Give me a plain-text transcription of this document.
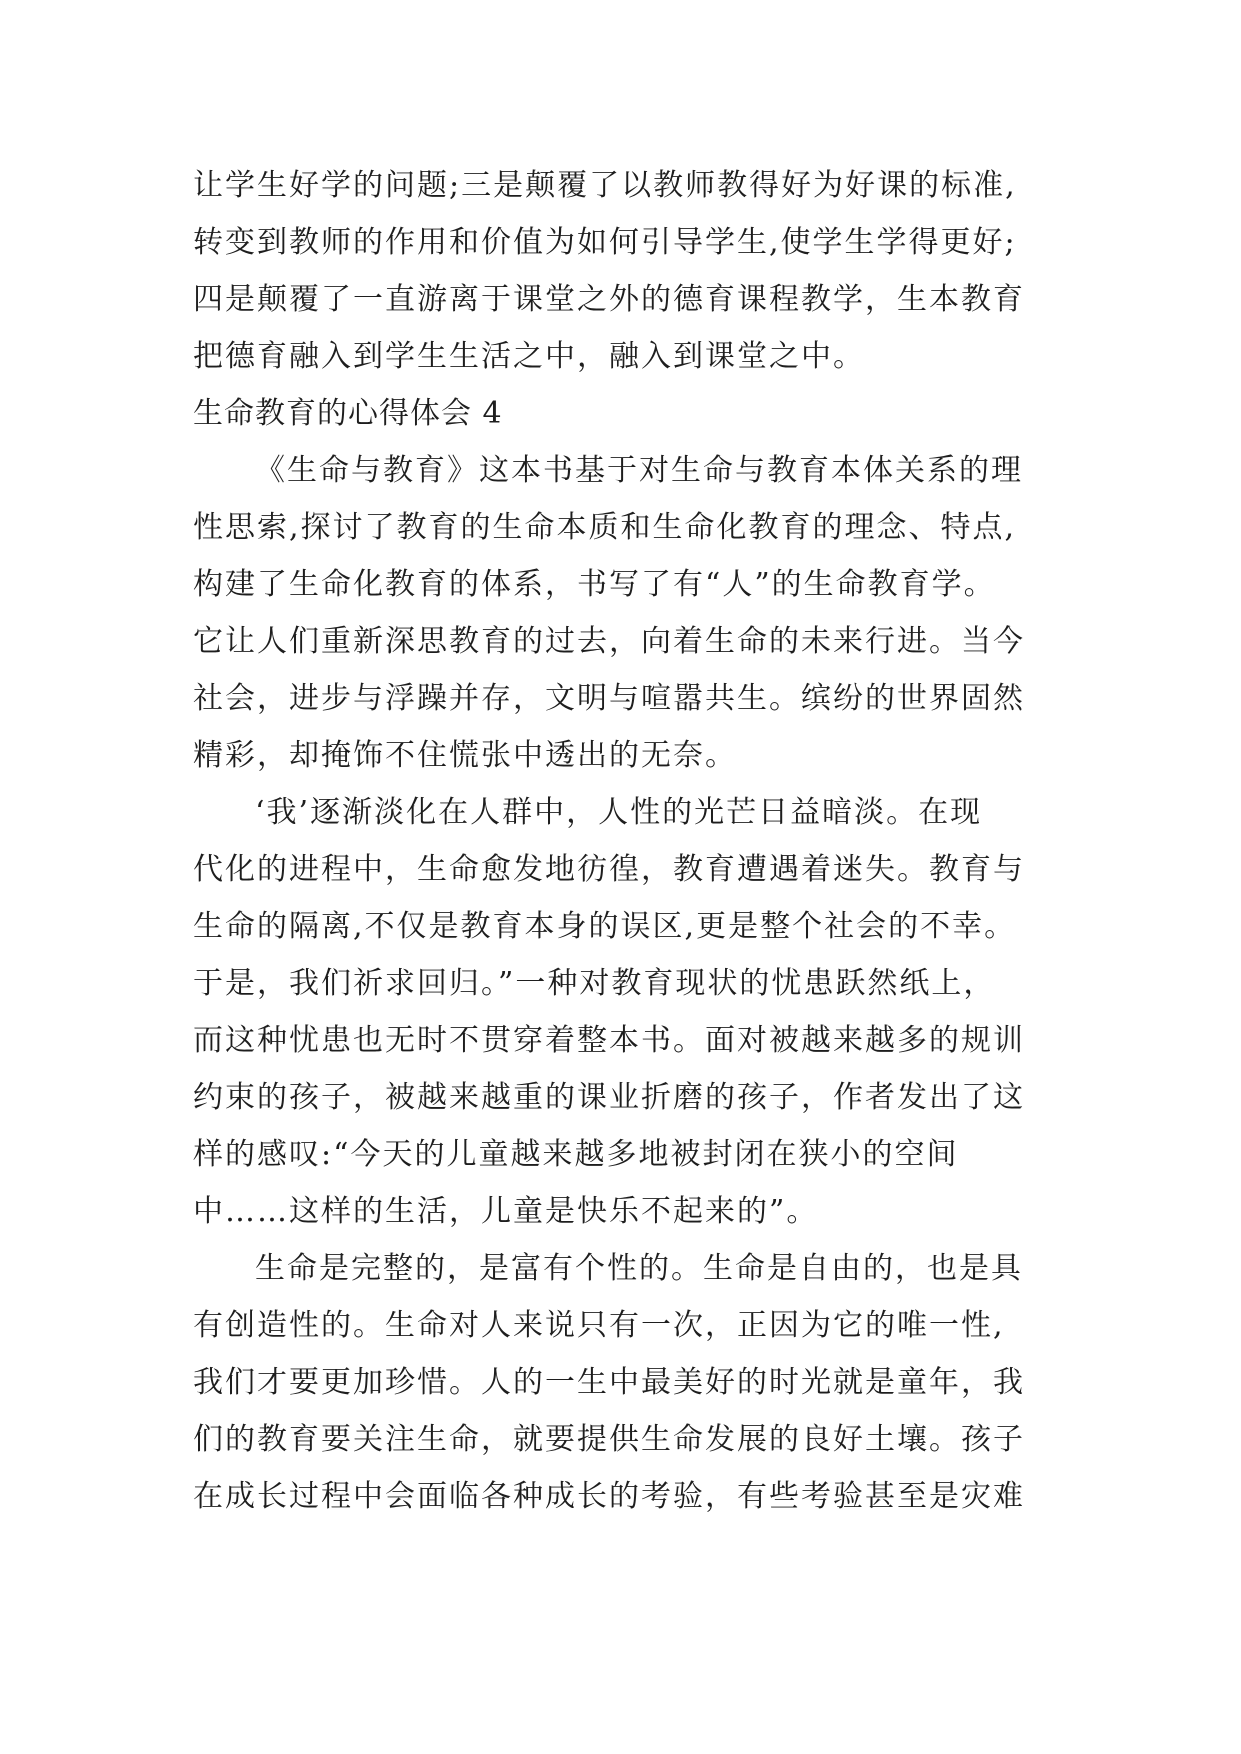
让学生好学的问题;三是颠覆了以教师教得好为好课的标准,
转变到教师的作用和价值为如何引导学生,使学生学得更好;
四是颠覆了一直游离于课堂之外的德育课程教学，生本教育
把德育融入到学生生活之中，融入到课堂之中。
生命教育的心得体会 4
《生命与教育》这本书基于对生命与教育本体关系的理
性思索,探讨了教育的生命本质和生命化教育的理念、特点,
构建了生命化教育的体系，书写了有“人”的生命教育学。
它让人们重新深思教育的过去，向着生命的未来行进。当今
社会，进步与浮躁并存，文明与喧嚣共生。缤纷的世界固然
精彩，却掩饰不住慌张中透出的无奈。
‘我’逐渐淡化在人群中，人性的光芒日益暗淡。在现
代化的进程中，生命愈发地彷徨，教育遭遇着迷失。教育与
生命的隔离,不仅是教育本身的误区,更是整个社会的不幸。
于是，我们祈求回归。”一种对教育现状的忧患跃然纸上，
而这种忧患也无时不贯穿着整本书。面对被越来越多的规训
约束的孩子，被越来越重的课业折磨的孩子，作者发出了这
样的感叹:“今天的儿童越来越多地被封闭在狭小的空间
中……这样的生活，儿童是快乐不起来的”。
生命是完整的，是富有个性的。生命是自由的，也是具
有创造性的。生命对人来说只有一次，正因为它的唯一性,
我们才要更加珍惜。人的一生中最美好的时光就是童年，我
们的教育要关注生命，就要提供生命发展的良好土壤。孩子
在成长过程中会面临各种成长的考验，有些考验甚至是灾难
